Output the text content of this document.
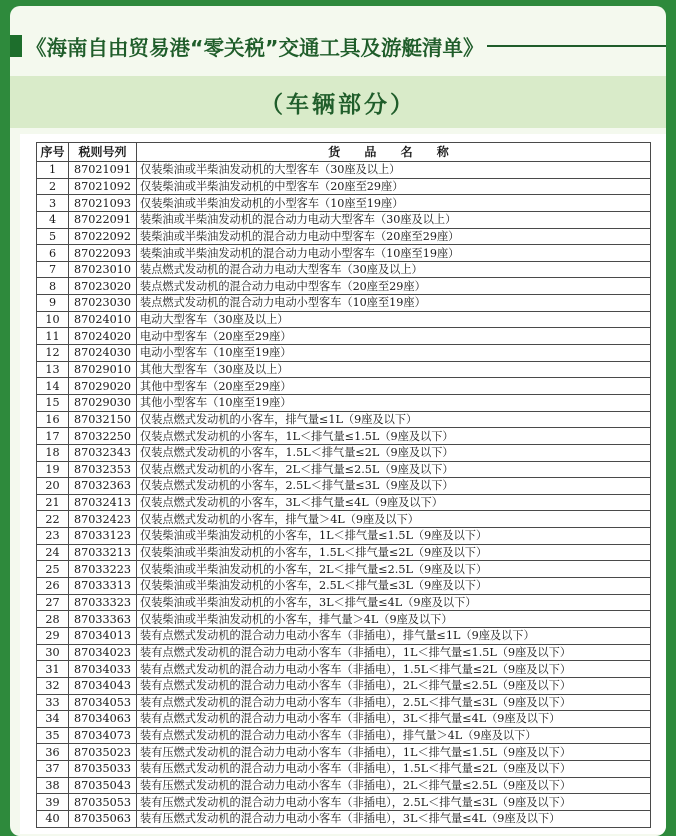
《海南自由贸易港“零关税”交通工具及游艇清单》
（车辆部分）
序号	税则号列	货 品 名 称
1	87021091	仅装柴油或半柴油发动机的大型客车（30座及以上）
2	87021092	仅装柴油或半柴油发动机的中型客车（20座至29座）
3	87021093	仅装柴油或半柴油发动机的小型客车（10座至19座）
4	87022091	装柴油或半柴油发动机的混合动力电动大型客车（30座及以上）
5	87022092	装柴油或半柴油发动机的混合动力电动中型客车（20座至29座）
6	87022093	装柴油或半柴油发动机的混合动力电动小型客车（10座至19座）
7	87023010	装点燃式发动机的混合动力电动大型客车（30座及以上）
8	87023020	装点燃式发动机的混合动力电动中型客车（20座至29座）
9	87023030	装点燃式发动机的混合动力电动小型客车（10座至19座）
10	87024010	电动大型客车（30座及以上）
11	87024020	电动中型客车（20座至29座）
12	87024030	电动小型客车（10座至19座）
13	87029010	其他大型客车（30座及以上）
14	87029020	其他中型客车（20座至29座）
15	87029030	其他小型客车（10座至19座）
16	87032150	仅装点燃式发动机的小客车，排气量≤1L（9座及以下）
17	87032250	仅装点燃式发动机的小客车，1L＜排气量≤1.5L（9座及以下）
18	87032343	仅装点燃式发动机的小客车，1.5L＜排气量≤2L（9座及以下）
19	87032353	仅装点燃式发动机的小客车，2L＜排气量≤2.5L（9座及以下）
20	87032363	仅装点燃式发动机的小客车，2.5L＜排气量≤3L（9座及以下）
21	87032413	仅装点燃式发动机的小客车，3L＜排气量≤4L（9座及以下）
22	87032423	仅装点燃式发动机的小客车，排气量＞4L（9座及以下）
23	87033123	仅装柴油或半柴油发动机的小客车，1L＜排气量≤1.5L（9座及以下）
24	87033213	仅装柴油或半柴油发动机的小客车，1.5L＜排气量≤2L（9座及以下）
25	87033223	仅装柴油或半柴油发动机的小客车，2L＜排气量≤2.5L（9座及以下）
26	87033313	仅装柴油或半柴油发动机的小客车，2.5L＜排气量≤3L（9座及以下）
27	87033323	仅装柴油或半柴油发动机的小客车，3L＜排气量≤4L（9座及以下）
28	87033363	仅装柴油或半柴油发动机的小客车，排气量＞4L（9座及以下）
29	87034013	装有点燃式发动机的混合动力电动小客车（非插电），排气量≤1L（9座及以下）
30	87034023	装有点燃式发动机的混合动力电动小客车（非插电），1L＜排气量≤1.5L（9座及以下）
31	87034033	装有点燃式发动机的混合动力电动小客车（非插电），1.5L＜排气量≤2L（9座及以下）
32	87034043	装有点燃式发动机的混合动力电动小客车（非插电），2L＜排气量≤2.5L（9座及以下）
33	87034053	装有点燃式发动机的混合动力电动小客车（非插电），2.5L＜排气量≤3L（9座及以下）
34	87034063	装有点燃式发动机的混合动力电动小客车（非插电），3L＜排气量≤4L（9座及以下）
35	87034073	装有点燃式发动机的混合动力电动小客车（非插电），排气量＞4L（9座及以下）
36	87035023	装有压燃式发动机的混合动力电动小客车（非插电），1L＜排气量≤1.5L（9座及以下）
37	87035033	装有压燃式发动机的混合动力电动小客车（非插电），1.5L＜排气量≤2L（9座及以下）
38	87035043	装有压燃式发动机的混合动力电动小客车（非插电），2L＜排气量≤2.5L（9座及以下）
39	87035053	装有压燃式发动机的混合动力电动小客车（非插电），2.5L＜排气量≤3L（9座及以下）
40	87035063	装有压燃式发动机的混合动力电动小客车（非插电），3L＜排气量≤4L（9座及以下）
